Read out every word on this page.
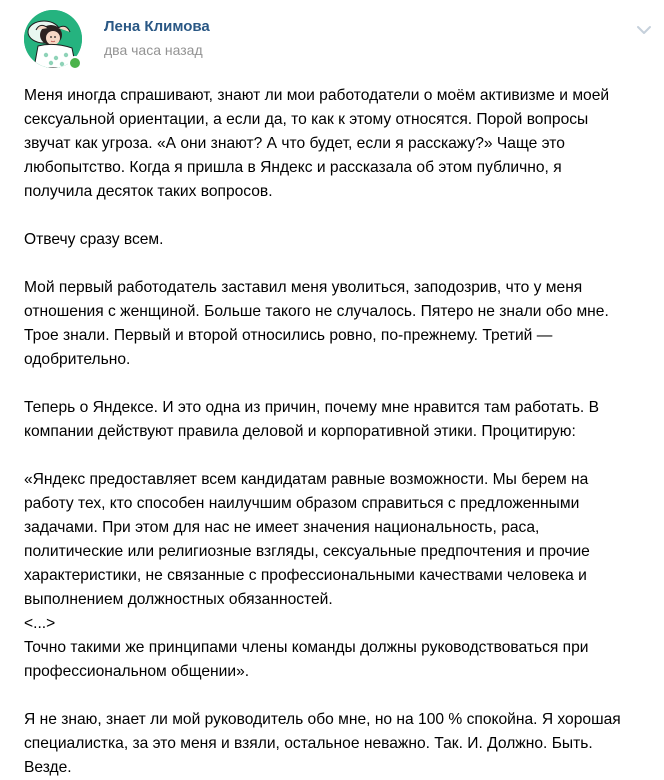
Лена Климова
два часа назад
Меня иногда спрашивают, знают ли мои работодатели о моём активизме и моей
сексуальной ориентации, а если да, то как к этому относятся. Порой вопросы
звучат как угроза. «А они знают? А что будет, если я расскажу?» Чаще это
любопытство. Когда я пришла в Яндекс и рассказала об этом публично, я
получила десяток таких вопросов.
Отвечу сразу всем.
Мой первый работодатель заставил меня уволиться, заподозрив, что у меня
отношения с женщиной. Больше такого не случалось. Пятеро не знали обо мне.
Трое знали. Первый и второй относились ровно, по-прежнему. Третий —
одобрительно.
Теперь о Яндексе. И это одна из причин, почему мне нравится там работать. В
компании действуют правила деловой и корпоративной этики. Процитирую:
«Яндекс предоставляет всем кандидатам равные возможности. Мы берем на
работу тех, кто способен наилучшим образом справиться с предложенными
задачами. При этом для нас не имеет значения национальность, раса,
политические или религиозные взгляды, сексуальные предпочтения и прочие
характеристики, не связанные с профессиональными качествами человека и
выполнением должностных обязанностей.
<...>
Точно такими же принципами члены команды должны руководствоваться при
профессиональном общении».
Я не знаю, знает ли мой руководитель обо мне, но на 100 % спокойна. Я хорошая
специалистка, за это меня и взяли, остальное неважно. Так. И. Должно. Быть.
Везде.
